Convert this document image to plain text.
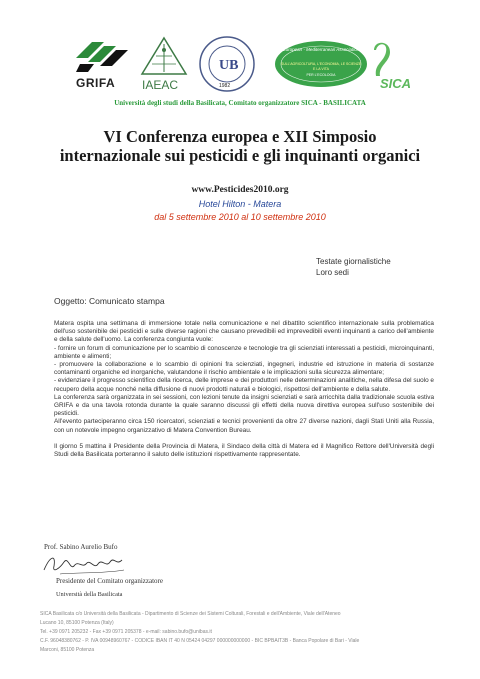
GRIFA IAEAC
UB
1982
European - Mediterranean Association
SULL'AGRICOLTURA, L'ECONOMIA, LE SCIENZE E LA VITA
PER L'ECOLOGIA
SICA
Università degli studi della Basilicata, Comitato organizzatore SICA - BASILICATA
VI Conferenza europea e XII Simposio
internazionale sui pesticidi e gli inquinanti organici
www.Pesticides2010.org
Hotel Hilton - Matera
dal 5 settembre 2010 al 10 settembre 2010
Testate giornalistiche
Loro sedi
Oggetto: Comunicato stampa

Matera ospita una settimana di immersione totale nella comunicazione e nel dibattito scientifico internazionale sulla problematica dell'uso sostenibile dei pesticidi e sulle diverse ragioni che causano prevedibili ed imprevedibili eventi inquinanti a carico dell'ambiente e della salute dell'uomo. La conferenza congiunta vuole:

- fornire un forum di comunicazione per lo scambio di conoscenze e tecnologie tra gli scienziati interessati a pesticidi, microinquinanti, ambiente e alimenti;

- promuovere la collaborazione e lo scambio di opinioni fra scienziati, ingegneri, industrie ed istruzione in materia di sostanze contaminanti organiche ed inorganiche, valutandone il rischio ambientale e le implicazioni sulla sicurezza alimentare;

- evidenziare il progresso scientifico della ricerca, delle imprese e dei produttori nelle determinazioni analitiche, nella difesa del suolo e recupero della acque nonché nella diffusione di nuovi prodotti naturali e biologici, rispettosi dell'ambiente e della salute.

La conferenza sarà organizzata in sei sessioni, con lezioni tenute da insigni scienziati e sarà arricchita dalla tradizionale scuola estiva GRIFA e da una tavola rotonda durante la quale saranno discussi gli effetti della nuova direttiva europea sull'uso sostenibile dei pesticidi.

All'evento parteciperanno circa 150 ricercatori, scienziati e tecnici provenienti da oltre 27 diverse nazioni, dagli Stati Uniti alla Russia, con un notevole impegno organizzativo di Matera Convention Bureau.

Il giorno 5 mattina il Presidente della Provincia di Matera, il Sindaco della città di Matera ed il Magnifico Rettore dell'Università degli Studi della Basilicata porteranno il saluto delle istituzioni rispettivamente rappresentate.

Prof. Sabino Aurelio Bufo
Presidente del Comitato organizzatore
Università della Basilicata
SICA Basilicata c/o Università della Basilicata - Dipartimento di Scienze dei Sistemi Colturali, Forestali e dell'Ambiente, Viale dell'Ateneo
Lucano 10, 85100 Potenza (Italy)
Tel. +39 0971 205232 - Fax +39 0971 205378 - e-mail: sabino.bufo@unibas.it
C.F. 96048380762 - P. IVA 00948960767 - CODICE IBAN IT 40 N 05424 04297 000000000000 - BIC BPBAIT3B - Banca Popolare di Bari - Viale
Marconi, 85100 Potenza
